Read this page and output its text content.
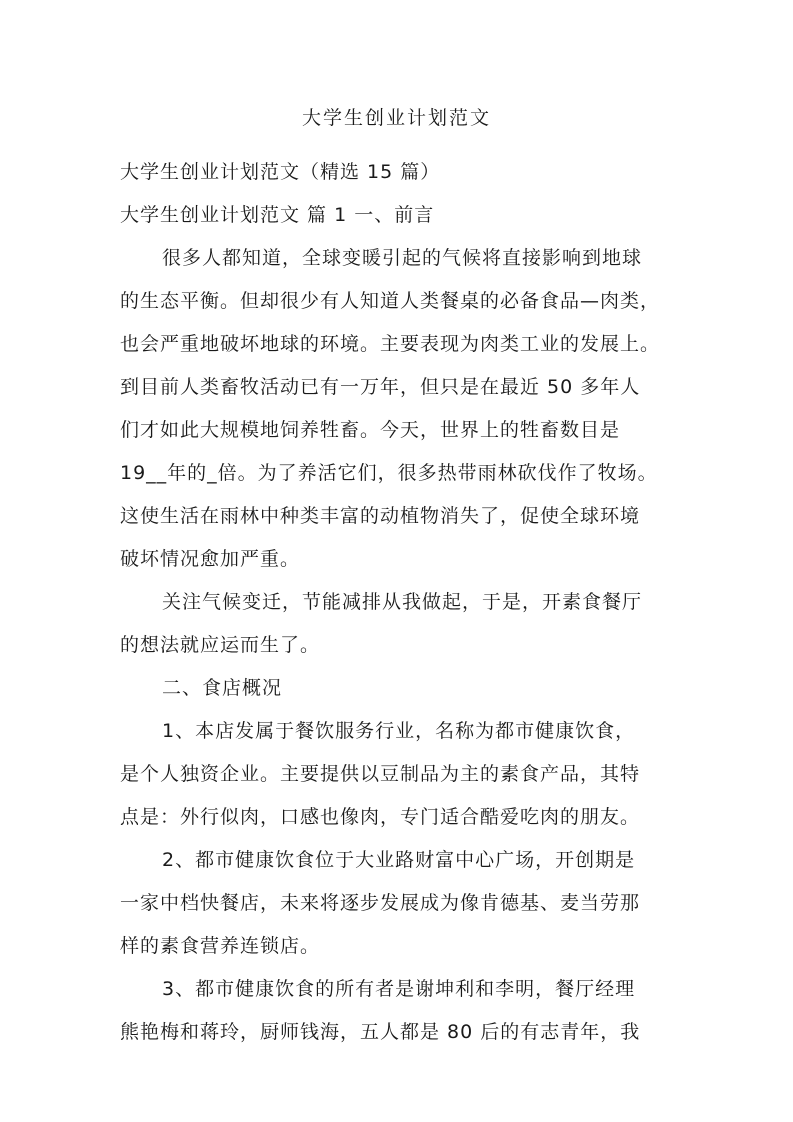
大学生创业计划范文
大学生创业计划范文（精选 15 篇）
大学生创业计划范文 篇 1 一、前言
很多人都知道，全球变暖引起的气候将直接影响到地球
的生态平衡。但却很少有人知道人类餐桌的必备食品—肉类，
也会严重地破坏地球的环境。主要表现为肉类工业的发展上。
到目前人类畜牧活动已有一万年，但只是在最近 50 多年人
们才如此大规模地饲养牲畜。今天，世界上的牲畜数目是
19__年的_倍。为了养活它们，很多热带雨林砍伐作了牧场。
这使生活在雨林中种类丰富的动植物消失了，促使全球环境
破坏情况愈加严重。
关注气候变迁，节能减排从我做起，于是，开素食餐厅
的想法就应运而生了。
二、食店概况
1、本店发属于餐饮服务行业，名称为都市健康饮食，
是个人独资企业。主要提供以豆制品为主的素食产品，其特
点是：外行似肉，口感也像肉，专门适合酷爱吃肉的朋友。
2、都市健康饮食位于大业路财富中心广场，开创期是
一家中档快餐店，未来将逐步发展成为像肯德基、麦当劳那
样的素食营养连锁店。
3、都市健康饮食的所有者是谢坤利和李明，餐厅经理
熊艳梅和蒋玲，厨师钱海，五人都是 80 后的有志青年，我
